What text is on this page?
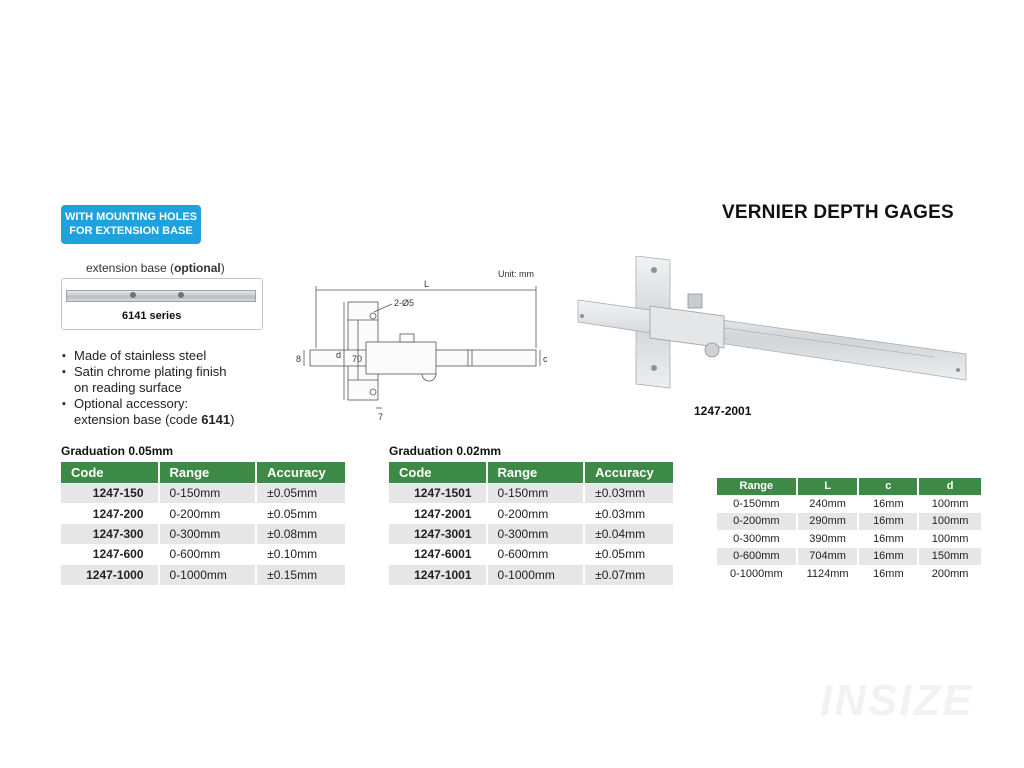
VERNIER DEPTH GAGES
WITH MOUNTING HOLES
FOR EXTENSION BASE
extension base (optional)
6141 series
▪ Made of stainless steel
▪ Satin chrome plating finish
on reading surface
▪ Optional accessory:
extension base (code 6141)
Unit: mm
L
2-Ø5
d
8	70	c
7	1247-2001
Graduation 0.05mm
Code	Range	Accuracy
1247-150	0-150mm	±0.05mm
1247-200	0-200mm	±0.05mm
1247-300	0-300mm	±0.08mm
1247-600	0-600mm	±0.10mm
1247-1000	0-1000mm	±0.15mm
Graduation 0.02mm
Code	Range	Accuracy
1247-1501	0-150mm	±0.03mm
1247-2001	0-200mm	±0.03mm
1247-3001	0-300mm	±0.04mm
1247-6001	0-600mm	±0.05mm
1247-1001	0-1000mm	±0.07mm
Range	L	c	d
0-150mm	240mm	16mm	100mm
0-200mm	290mm	16mm	100mm
0-300mm	390mm	16mm	100mm
0-600mm	704mm	16mm	150mm
0-1000mm	1124mm	16mm	200mm
INSIZE
